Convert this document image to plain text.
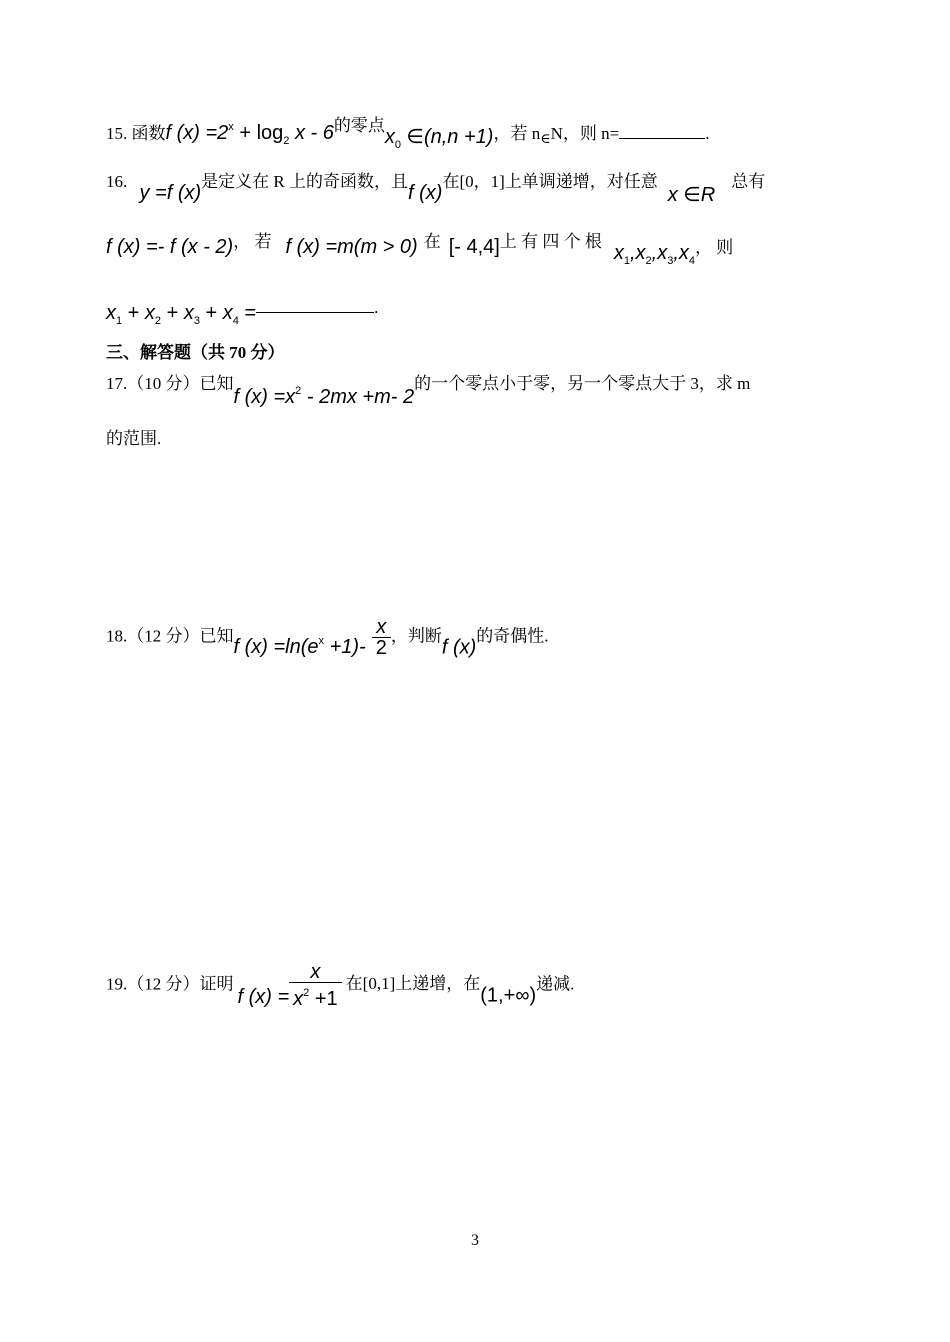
15. 函数f $(x) =2^x + \log_2 x - 6$的零点$x_0$ ∈(n,n +1)，若 $n_\in N$，则 n=	.
16. y =f (x)是定义在 R 上的奇函数，且f (x)在[0，1]上单调递增，对任意x ∈R总有
f (x) =- f (x - 2)， 若 f (x) =m(m > 0) 在 [- 4,4]上 有 四 个 根$x_1,x_2,x_3,x_4$， 则
$x_1 + x_2 + x_3 + x_4$ =	.
三、解答题（共 70 分）
17.（10 分）已知f $(x) =x^2 - 2mx +m-$ 2的一个零点小于零，另一个零点大于 3，求 m
的范围.
18.（12 分）已知f $(x) =\ln(e^x +1)- \frac{x}{2}$ ，判断f (x)的奇偶性.
19.（12 分）证明f $(x) = \frac{x}{x^2 +1}$ 在[0,1]上递增，在(1,+∞)递减.
3
